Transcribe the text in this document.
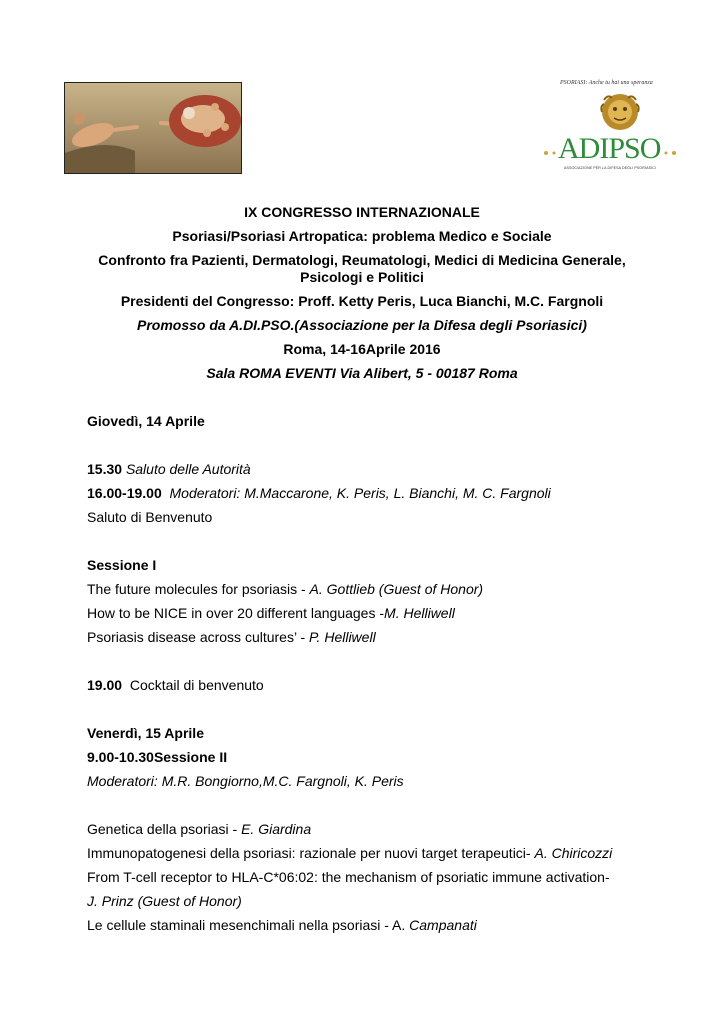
PSORIASI: Anche tu hai una speranza
ADIPSO
ASSOCIAZIONE PER LA DIFESA DEGLI PSORIASICI
IX CONGRESSO INTERNAZIONALE
Psoriasi/Psoriasi Artropatica: problema Medico e Sociale
Confronto fra Pazienti, Dermatologi, Reumatologi, Medici di Medicina Generale,
Psicologi e Politici
Presidenti del Congresso: Proff. Ketty Peris, Luca Bianchi, M.C. Fargnoli
Promosso da A.DI.PSO.(Associazione per la Difesa degli Psoriasici)
Roma, 14-16Aprile 2016
Sala ROMA EVENTI Via Alibert, 5 - 00187 Roma
Giovedì, 14 Aprile
15.30 Saluto delle Autorità
16.00-19.00 Moderatori: M.Maccarone, K. Peris, L. Bianchi, M. C. Fargnoli
Saluto di Benvenuto
Sessione I
The future molecules for psoriasis - A. Gottlieb (Guest of Honor)
How to be NICE in over 20 different languages -M. Helliwell
Psoriasis disease across cultures’ - P. Helliwell
19.00 Cocktail di benvenuto
Venerdì, 15 Aprile
9.00-10.30Sessione II
Moderatori: M.R. Bongiorno,M.C. Fargnoli, K. Peris
Genetica della psoriasi - E. Giardina
Immunopatogenesi della psoriasi: razionale per nuovi target terapeutici- A. Chiricozzi
From T-cell receptor to HLA-C*06:02: the mechanism of psoriatic immune activation-
J. Prinz (Guest of Honor)
Le cellule staminali mesenchimali nella psoriasi - A. Campanati
